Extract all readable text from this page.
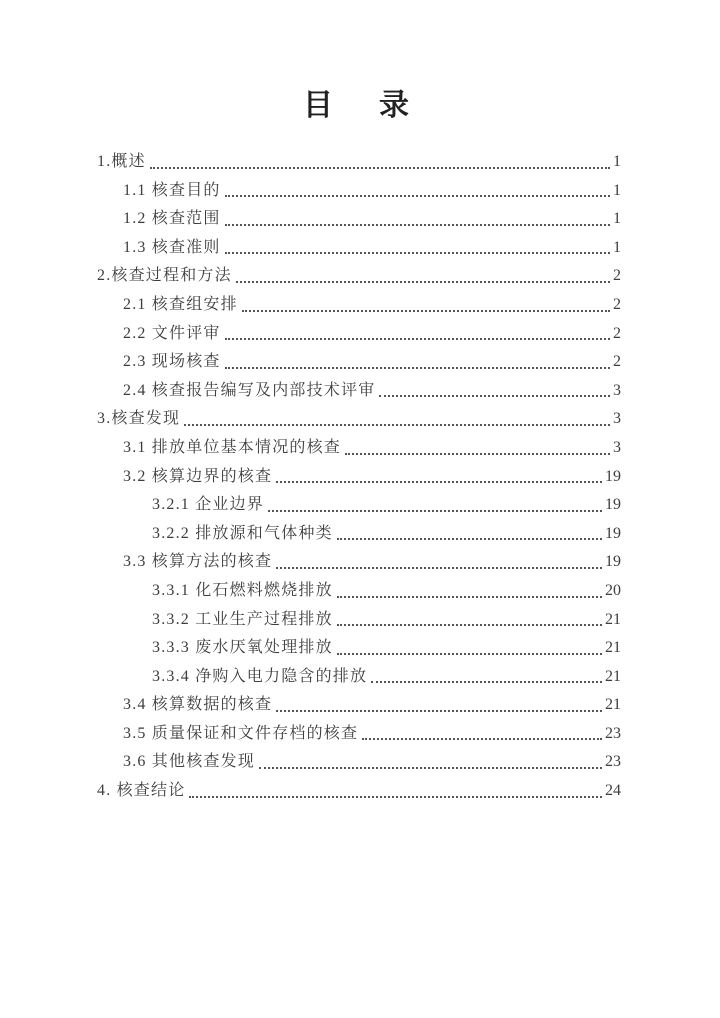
目　录
1.概述	1
1.1 核查目的	1
1.2 核查范围	1
1.3 核查准则	1
2.核查过程和方法	2
2.1 核查组安排	2
2.2 文件评审	2
2.3 现场核查	2
2.4 核查报告编写及内部技术评审	3
3.核查发现	3
3.1 排放单位基本情况的核查	3
3.2 核算边界的核查	19
3.2.1 企业边界	19
3.2.2 排放源和气体种类	19
3.3 核算方法的核查	19
3.3.1 化石燃料燃烧排放	20
3.3.2 工业生产过程排放	21
3.3.3 废水厌氧处理排放	21
3.3.4 净购入电力隐含的排放	21
3.4 核算数据的核查	21
3.5 质量保证和文件存档的核查	23
3.6 其他核查发现	23
4. 核查结论	24
